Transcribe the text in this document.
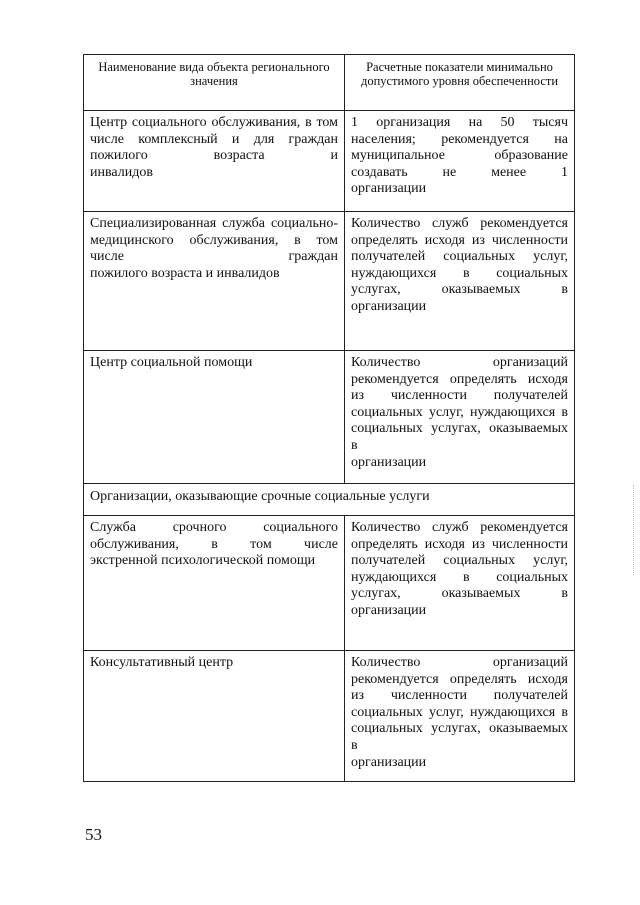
Наименование вида объекта регионального значения	Расчетные показатели минимально допустимого уровня обеспеченности
Центр социального обслуживания, в том числе комплексный и для граждан пожилого возраста и
инвалидов	1 организация на 50 тысяч населения; рекомендуется на муниципальное образование создавать не менее 1
организации

Специализированная служба социально-медицинского обслуживания, в том числе граждан
пожилого возраста и инвалидов	Количество служб рекомендуется определять исходя из численности получателей социальных услуг, нуждающихся в социальных услугах, оказываемых в
организации

Центр социальной помощи	Количество организаций рекомендуется определять исходя из численности получателей социальных услуг, нуждающихся в социальных услугах, оказываемых в
организации

Организации, оказывающие срочные социальные услуги	
Служба срочного социального обслуживания, в том числе
экстренной психологической помощи	Количество служб рекомендуется определять исходя из численности получателей социальных услуг, нуждающихся в социальных услугах, оказываемых в
организации

Консультативный центр	Количество организаций рекомендуется определять исходя из численности получателей социальных услуг, нуждающихся в социальных услугах, оказываемых в
организации
53
